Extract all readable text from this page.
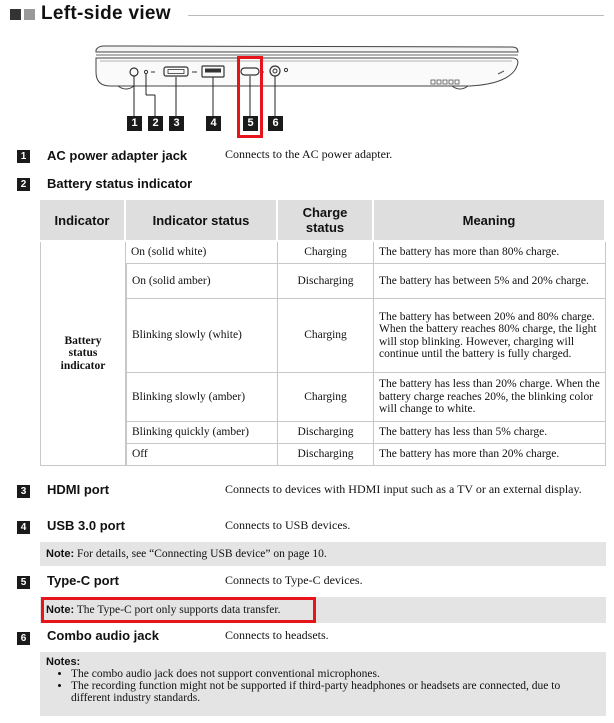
Left-side view
1	2	3	4	5	6
1 AC power adapter jack	Connects to the AC power adapter.
2 Battery status indicator
Indicator	Indicator status	Charge status	Meaning
Battery status indicator	On (solid white)	Charging	The battery has more than 80% charge.
	On (solid amber)	Discharging	The battery has between 5% and 20% charge.
	Blinking slowly (white)	Charging	The battery has between 20% and 80% charge. When the battery reaches 80% charge, the light will stop blinking. However, charging will continue until the battery is fully charged.
	Blinking slowly (amber)	Charging	The battery has less than 20% charge. When the battery charge reaches 20%, the blinking color will change to white.
	Blinking quickly (amber)	Discharging	The battery has less than 5% charge.
	Off	Discharging	The battery has more than 20% charge.
3 HDMI port	Connects to devices with HDMI input such as a TV or an external display.
4 USB 3.0 port	Connects to USB devices.
Note: For details, see “Connecting USB device” on page 10.
5 Type-C port	Connects to Type-C devices.
Note: The Type-C port only supports data transfer.
6 Combo audio jack	Connects to headsets.
Notes:
• The combo audio jack does not support conventional microphones.
• The recording function might not be supported if third-party headphones or headsets are connected, due to different industry standards.
